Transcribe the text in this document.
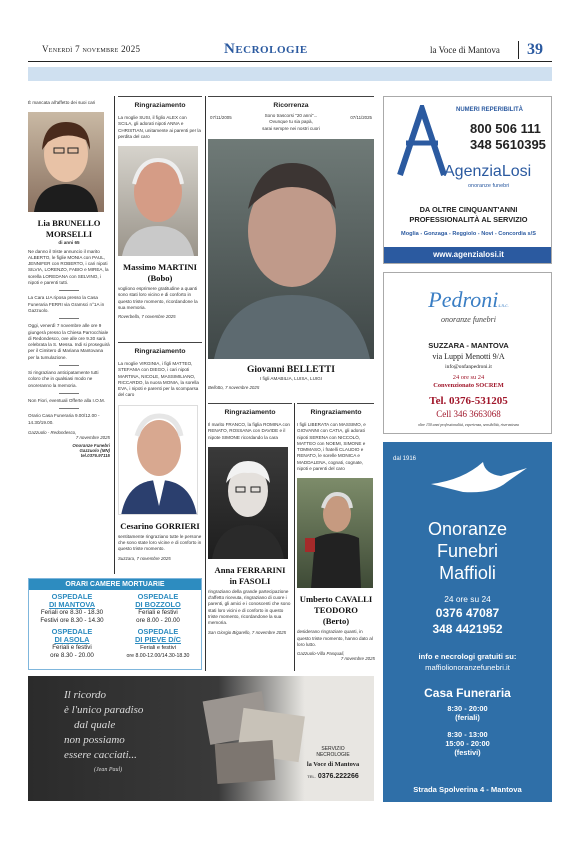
Venerdì 7 novembre 2025	Necrologie	la Voce di Mantova	39
È mancata all'affetto dei suoi cari
Lia BRUNELLO
MORSELLI
di anni 65
Ne danno il triste annuncio il marito ALBERTO, le figlie MONIA con PAUL, JENNIFER con ROBERTO, i cari nipoti SILVIA, LORENZO, FABIO e MIREA, la sorella LOREDANA con SELVINO, i nipoti e parenti tutti.
La Cara LIA riposa presso la Casa Funeraria FERRI via Gramsci n°1A in Gazzuolo.
Oggi, venerdì 7 novembre alle ore 9 giungerà presso la Chiesa Parrocchiale di Redondesco, ove alle ore 9.30 sarà celebrata la S. Messa. Indi si proseguirà per il Cimitero di Mariana Mantovana per la tumulazione.
Si ringraziano anticipatamente tutti coloro che in qualsiasi modo ne onoreranno la memoria.
Non Fiori, eventuali Offerte alla I.O.M.
Orario Casa Funeraria 9.00/12.00 - 14.30/19.00.
Gazzuolo - Redondesco,
7 novembre 2025
Onoranze Funebri
Gazzuolo (MN)
tel.0376.97115
Ringraziamento
La moglie SUSI, il figlio ALEX con SCILA, gli adorati nipoti ANNA e CHRISTIAN, unitamente ai parenti per la perdita del caro
Massimo MARTINI
(Bobo)
vogliono esprimere gratitudine a quanti sono stati loro vicino e di conforto in questo triste momento, ricordandone la sua memoria.
Roverbella, 7 novembre 2025
Ringraziamento
La moglie VIRGINIA, i figli MATTEO, STEFANIA con DIEGO, i cari nipoti MARTINA, NICOLE, MASSIMILIANO, RICCARDO, la nuora MONIA, la sorella EVA, i nipoti e parenti per la scomparsa del caro
Cesarino GORRIERI
sentitamente ringraziano tutte le persone che sono state loro vicine e di conforto in questo triste momento.
Suzzara, 7 novembre 2025
Ricorrenza
07/11/2005	07/11/2025
Sono trascorsi "20 anni"...
Ovunque tu sia papà,
sarai sempre nei nostri cuori
Giovanni BELLETTI
I figli AMABILIA, LUISA, LUIGI
Bellotto, 7 novembre 2025
Ringraziamento
Il marito FRANCO, la figlia ROMINA con RENATO, ROSSANA con DAVIDE e il nipote SIMONE ricordando la cara
Anna FERRARINI
in FASOLI
ringraziano della grande partecipazione d'affetto ricevuta, ringraziano di cuore i parenti, gli amici e i conoscenti che sono stati loro vicini e di conforto in questo triste momento, ricordandone la sua memoria.
San Giorgio Bigarello, 7 novembre 2025
Ringraziamento
I figli LIBERATA con MASSIMO, e GIOVANNI con CATIA, gli adorati nipoti SERENA con NICCOLÒ, MATTEO con NOEMI, SIMONE e TOMMASO, i fratelli CLAUDIO e RENATO, le sorelle MONICA e MADDALENA, cognati, cognate, nipoti e parenti del caro
Umberto CAVALLI
TEODORO
(Berto)
desiderano ringraziare quanti, in questo triste momento, hanno dato al loro lutto.
Gazzuolo-Villa Pasquali,
7 novembre 2025
ORARI CAMERE MORTUARIE
OSPEDALE
DI MANTOVA
Feriali ore 8.30 - 18.30
Festivi ore 8.30 - 14.30
OSPEDALE
DI BOZZOLO
Feriali e festivi
ore 8.00 - 20.00
OSPEDALE
DI ASOLA
Feriali e festivi
ore 8.30 - 20.00
OSPEDALE
DI PIEVE D/C
Feriali e festivi
ore 8.00-12.00/14.30-18.30
Il ricordo
è l'unico paradiso
dal quale
non possiamo
essere cacciati...
(Jean Paul)
SERVIZIO
NECROLOGIE
la Voce di Mantova
TEL. 0376.222266
NUMERI REPERIBILITÀ
800 506 111
348 5610395
AgenziaLosi
onoranze funebri
DA OLTRE CINQUANT'ANNI
PROFESSIONALITÀ AL SERVIZIO
Moglia - Gonzaga - Reggiolo - Novi - Concordia s/S
www.agenzialosi.it
Pedronis.n.c.
onoranze funebri
SUZZARA - MANTOVA
via Luppi Menotti 9/A
info@onfanpedroni.it
24 ore su 24
Convenzionato SOCREM
Tel. 0376-531205
Cell 346 3663068
oltre 150 anni professionalità, esperienza, sensibilità, riservatezza
dal 1916
Onoranze
Funebri
Maffioli
24 ore su 24
0376 47087
348 4421952
info e necrologi gratuiti su:
maffiolionoranzefunebri.it
Casa Funeraria
8:30 - 20:00
(feriali)
8:30 - 13:00
15:00 - 20:00
(festivi)
Strada Spolverina 4 - Mantova
